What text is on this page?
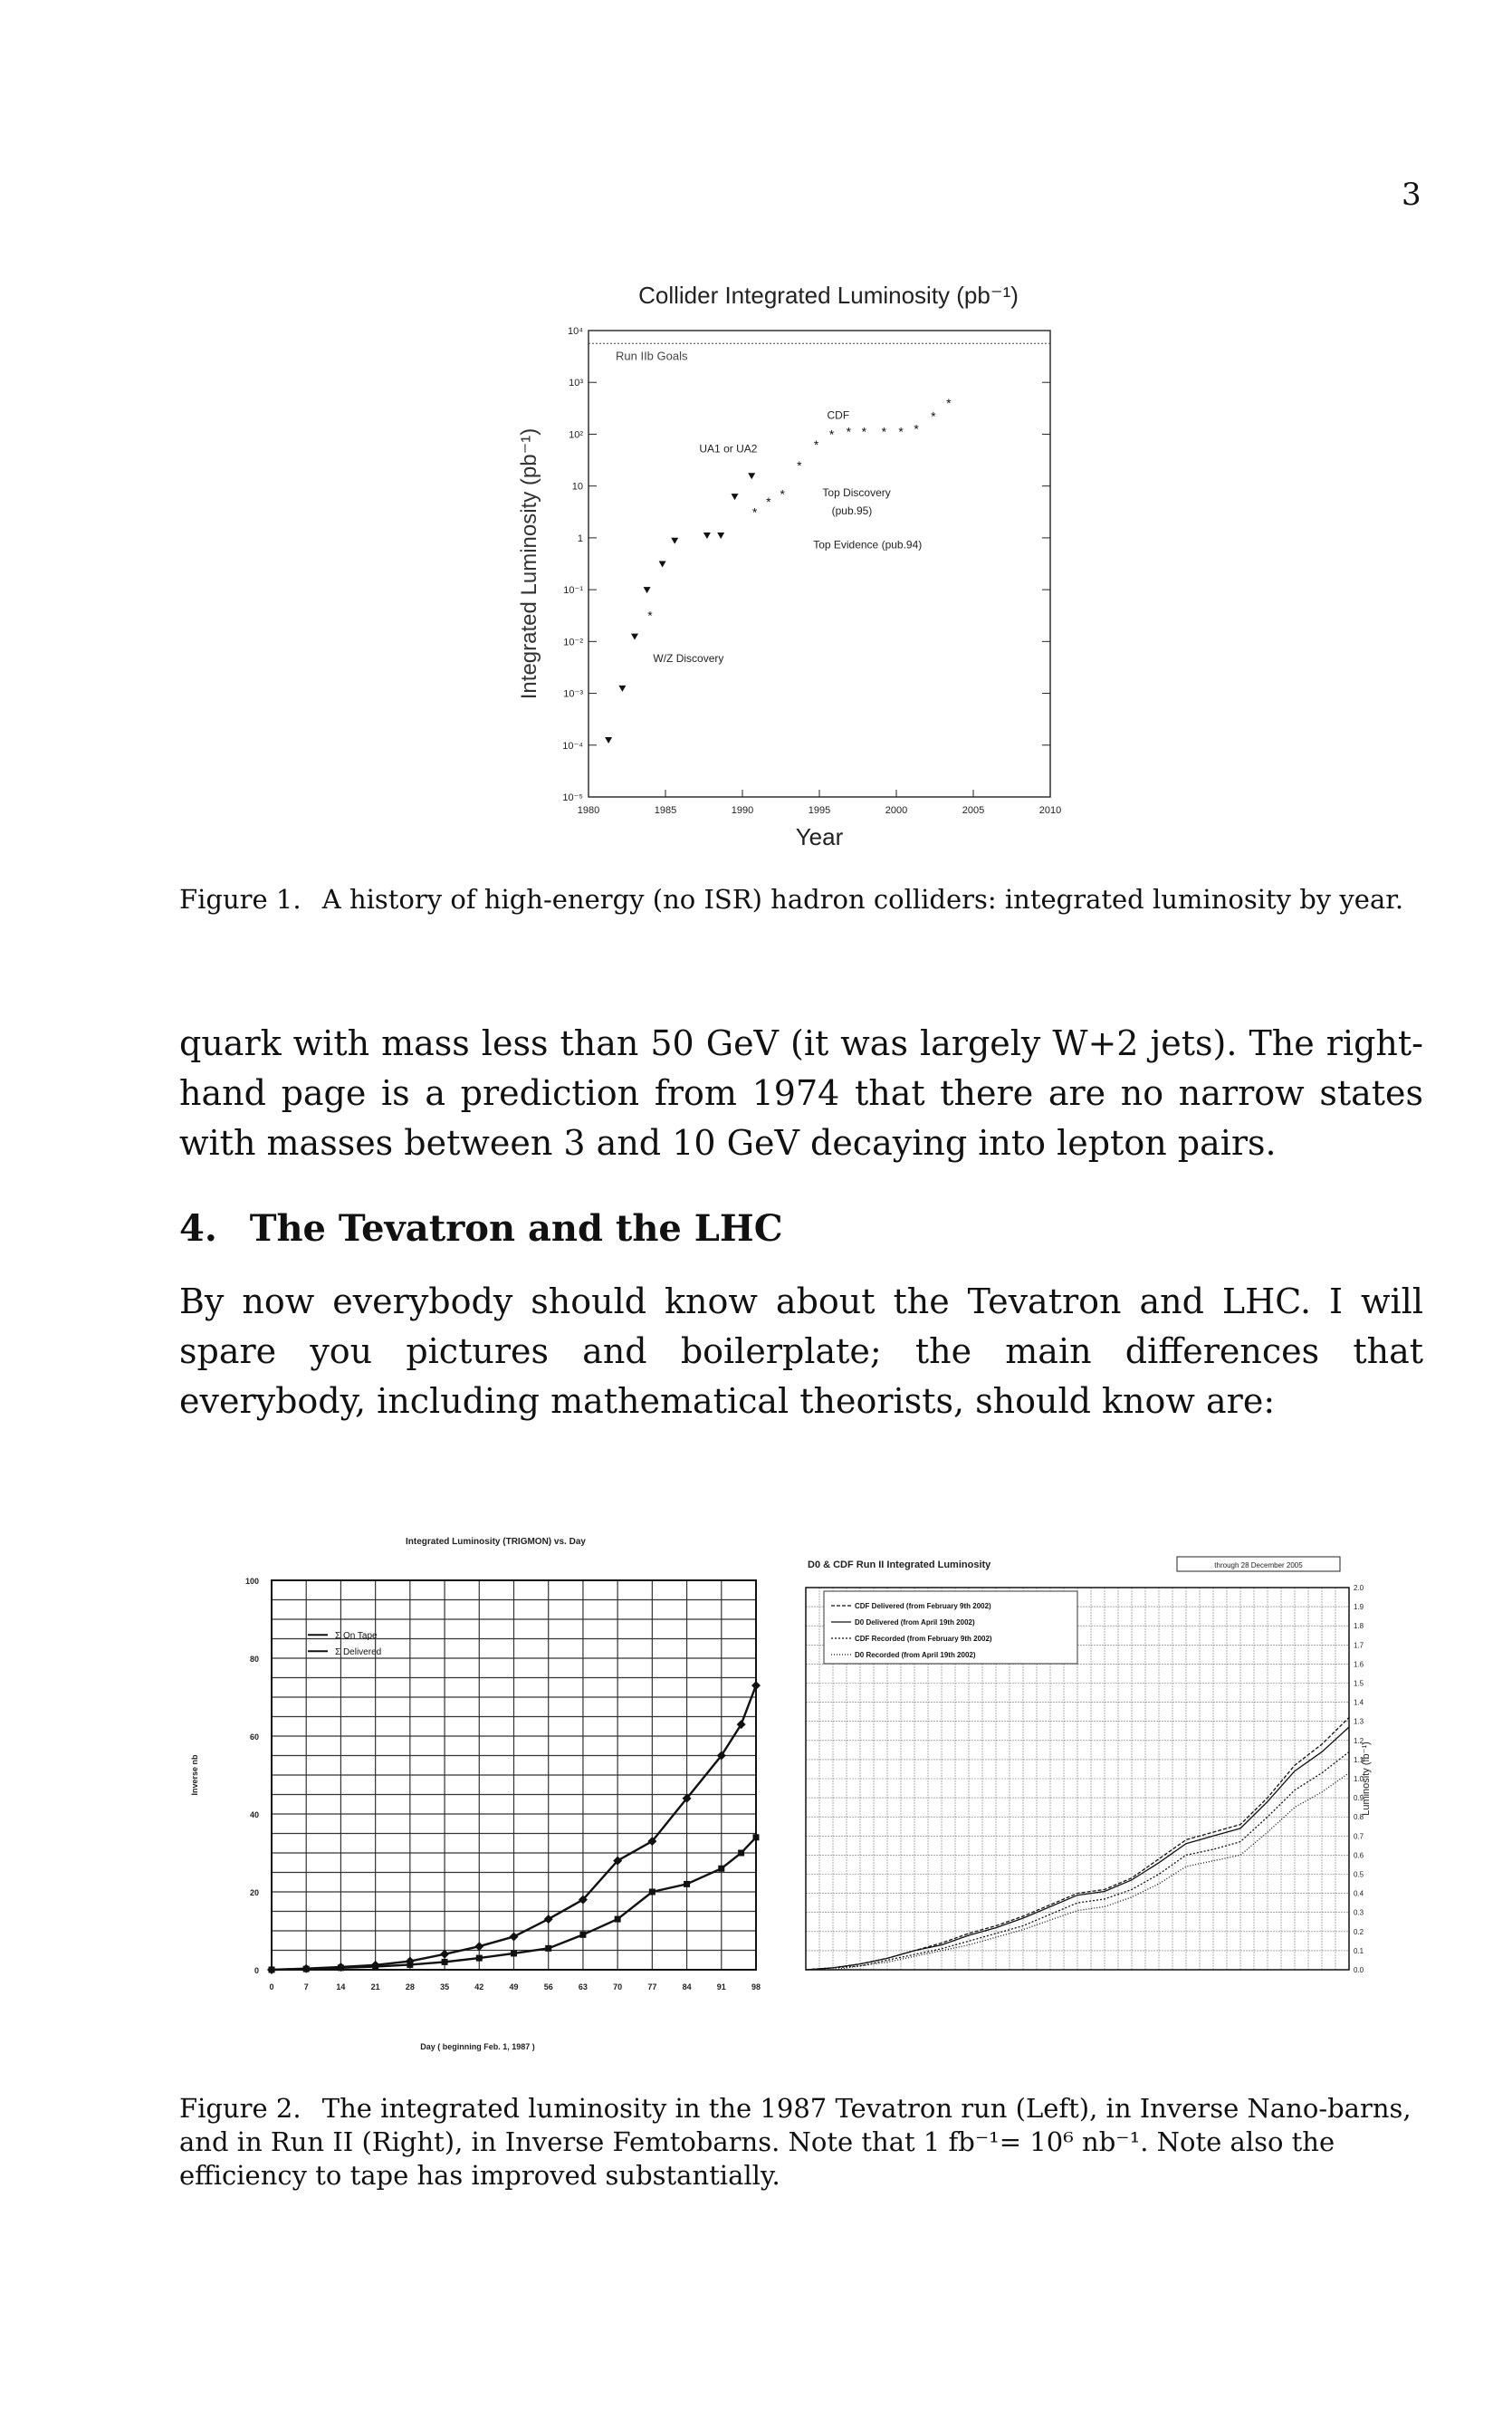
3
Collider Integrated Luminosity (pb⁻¹)
Year
Integrated Luminosity (pb⁻¹)
1980	1985	1990	1995	2000	2005	2010
10⁻⁵
10⁻⁴
10⁻³
10⁻²
10⁻¹
1
10
10²
10³
10⁴
Run IIb Goals
UA1 or UA2
CDF
Top Discovery
(pub.95)
Top Evidence (pub.94)
W/Z Discovery
*
*
*
*
*
*
* * * * * *
*
*
Figure 1. A history of high-energy (no ISR) hadron colliders: integrated luminosity by year.
quark with mass less than 50 GeV (it was largely W+2 jets). The right-hand page is a prediction from 1974 that there are no narrow states with masses between 3 and 10 GeV decaying into lepton pairs.
4. The Tevatron and the LHC
By now everybody should know about the Tevatron and LHC. I will spare you pictures and boilerplate; the main differences that everybody, including mathematical theorists, should know are:
Integrated Luminosity (TRIGMON) vs. Day
0	7	14	21	28	35	42	49	56	63	70	77	84	91	98
0
20
40
60
80
100
Inverse nb
Day ( beginning Feb. 1, 1987 )
Σ On Tape
Σ Delivered
D0 & CDF Run II Integrated Luminosity	through 28 December 2005
0.0
0.1
0.2
0.3
0.4
0.5
0.6
0.7
0.8
0.9
1.0
1.1
1.2
1.3
1.4
1.5
1.6
1.7
1.8
1.9
2.0
Luminosity (fb⁻¹)
CDF Delivered (from February 9th 2002)
D0 Delivered (from April 19th 2002)
CDF Recorded (from February 9th 2002)
D0 Recorded (from April 19th 2002)
Figure 2. The integrated luminosity in the 1987 Tevatron run (Left), in Inverse Nano-barns, and in Run II (Right), in Inverse Femtobarns. Note that 1 fb⁻¹= 10⁶ nb⁻¹. Note also the efficiency to tape has improved substantially.
